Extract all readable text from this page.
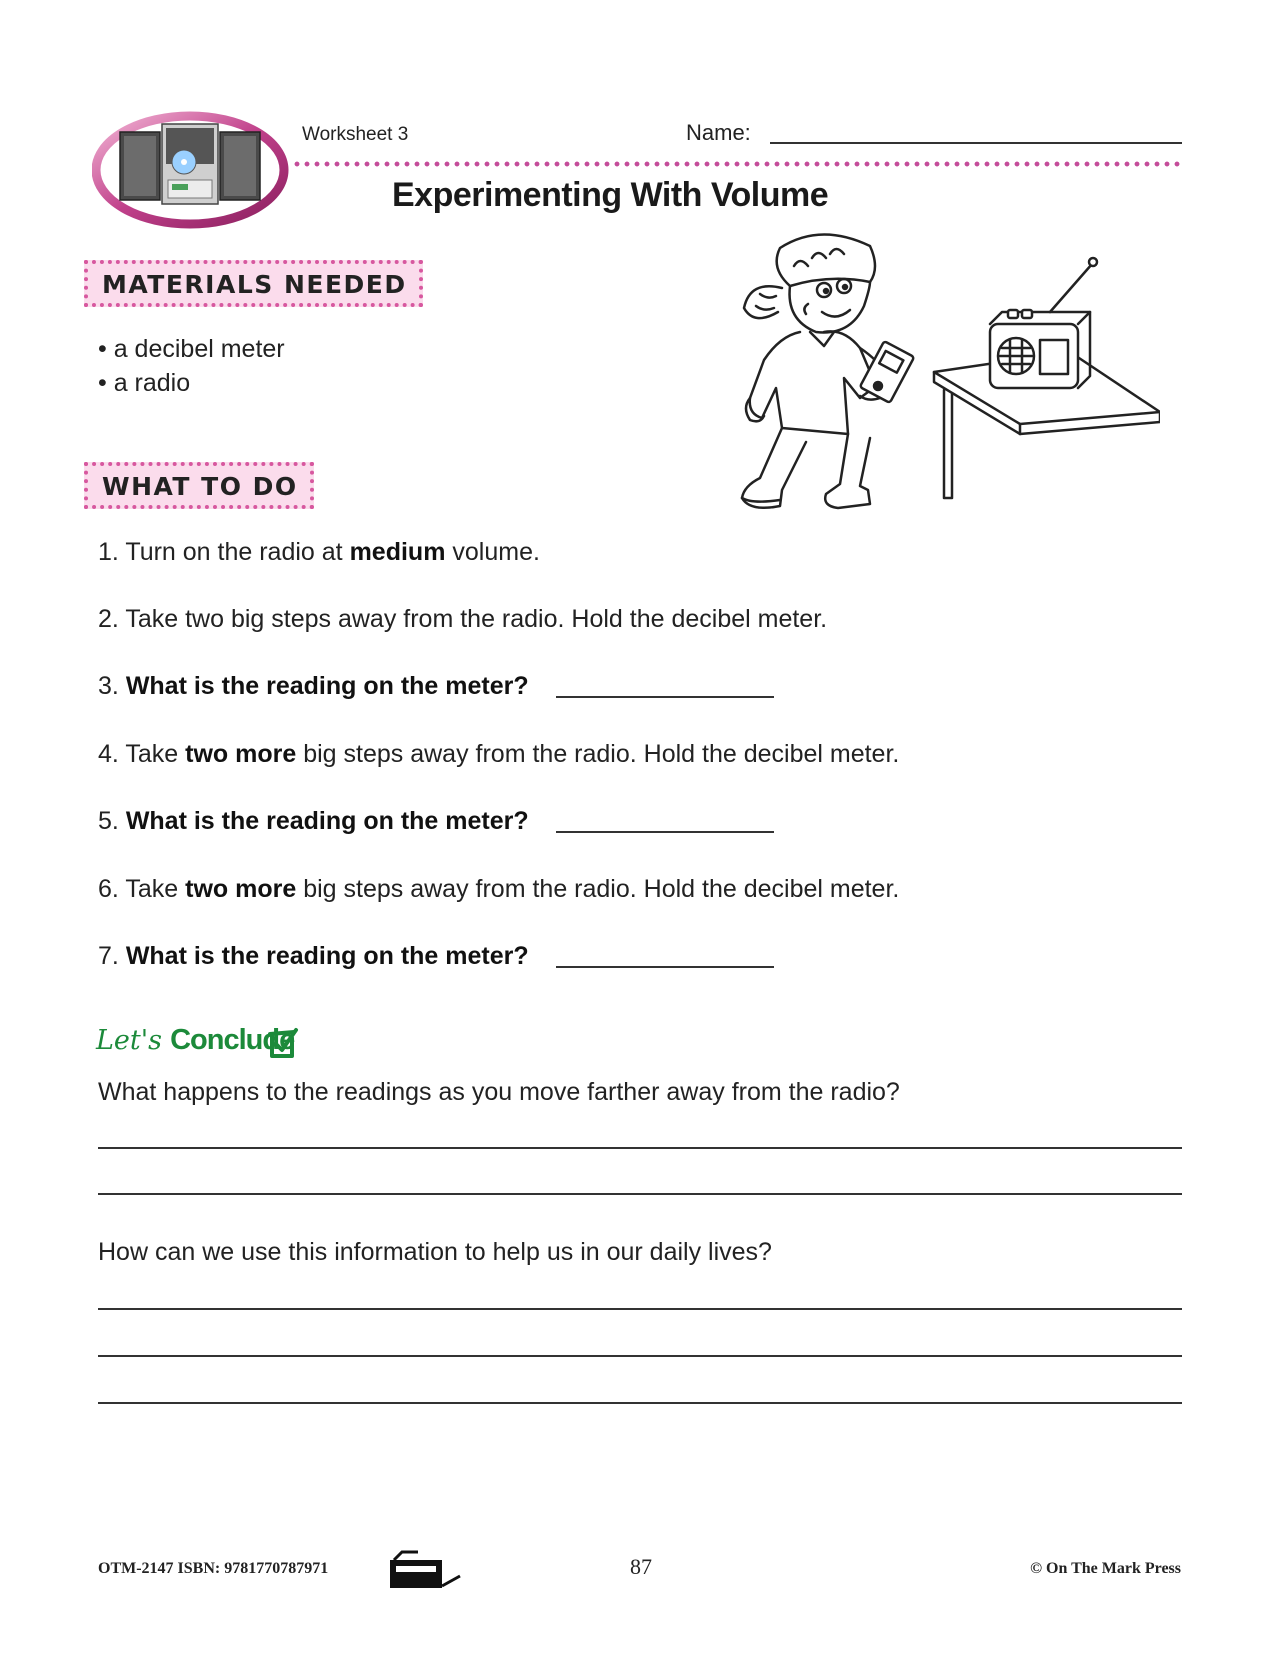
Worksheet 3	Name:
Experimenting With Volume
MATERIALS NEEDED
• a decibel meter
• a radio
WHAT TO DO
1. Turn on the radio at medium volume.
2. Take two big steps away from the radio. Hold the decibel meter.
3. What is the reading on the meter?
4. Take two more big steps away from the radio. Hold the decibel meter.
5. What is the reading on the meter?
6. Take two more big steps away from the radio. Hold the decibel meter.
7. What is the reading on the meter?
Let's Conclude
What happens to the readings as you move farther away from the radio?
How can we use this information to help us in our daily lives?
OTM-2147 ISBN: 9781770787971	87	© On The Mark Press
